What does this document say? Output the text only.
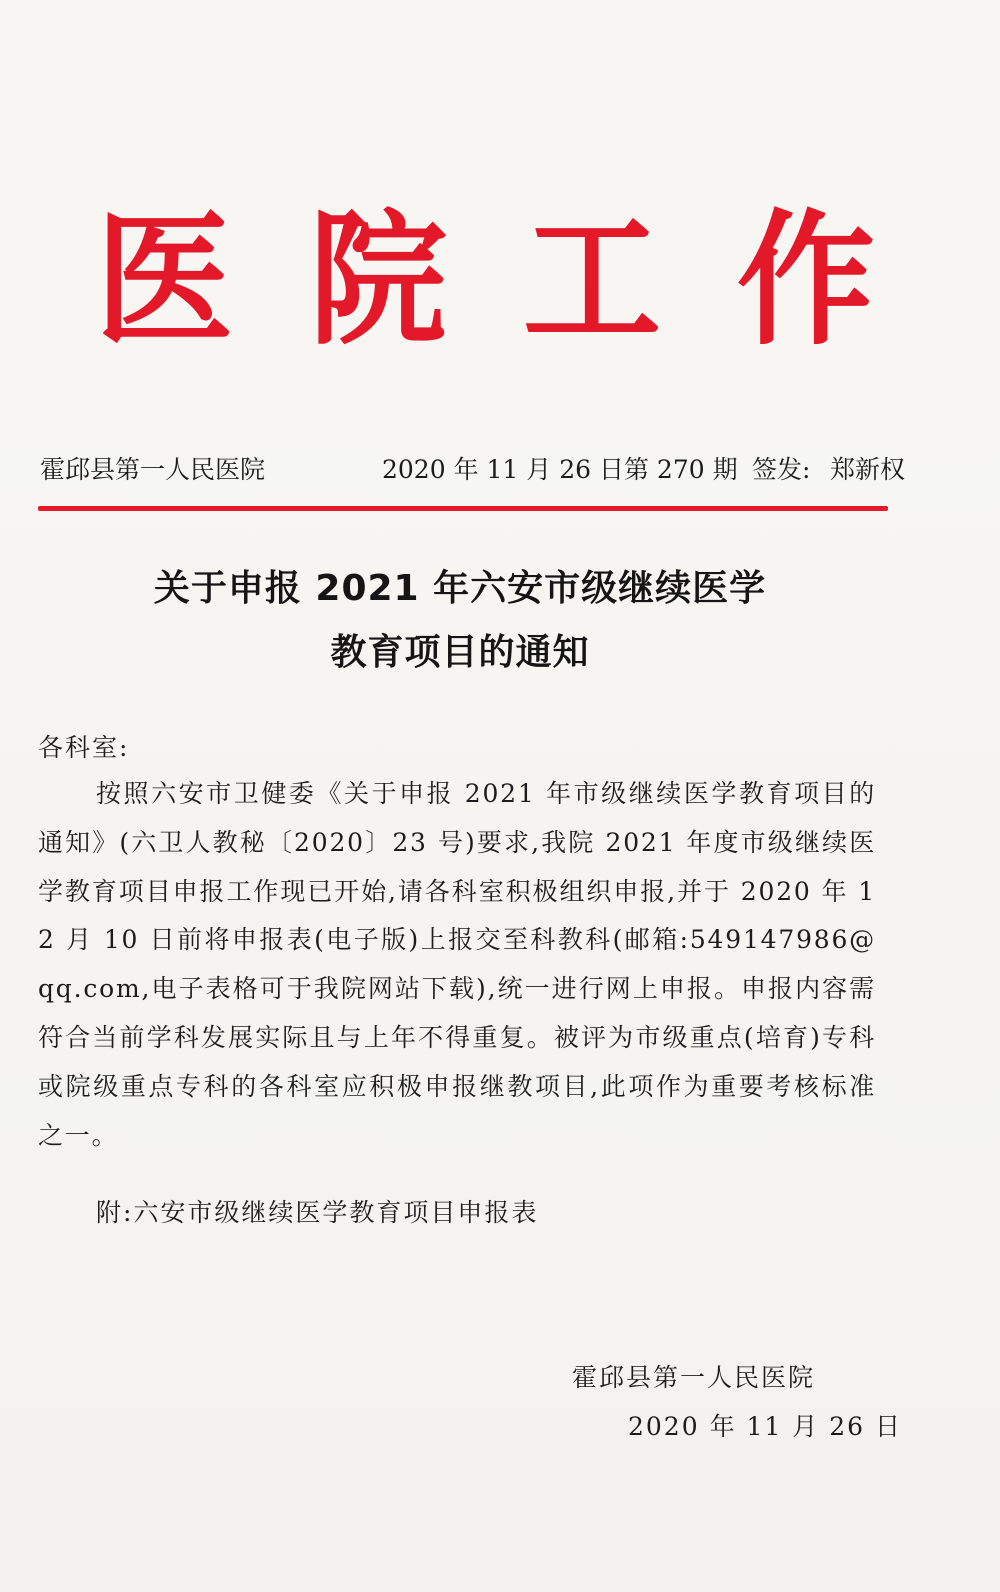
医 院 工 作
霍邱县第一人民医院	2020 年 11 月 26 日第 270 期 签发: 郑新权
关于申报 2021 年六安市级继续医学
教育项目的通知
各科室:

按照六安市卫健委《关于申报 2021 年市级继续医学教育项目的通知》(六卫人教秘〔2020〕23 号)要求,我院 2021 年度市级继续医学教育项目申报工作现已开始,请各科室积极组织申报,并于 2020 年 12 月 10 日前将申报表(电子版)上报交至科教科(邮箱:549147986@qq.com,电子表格可于我院网站下载),统一进行网上申报。申报内容需符合当前学科发展实际且与上年不得重复。被评为市级重点(培育)专科或院级重点专科的各科室应积极申报继教项目,此项作为重要考核标准之一。

附:六安市级继续医学教育项目申报表
霍邱县第一人民医院
2020 年 11 月 26 日
